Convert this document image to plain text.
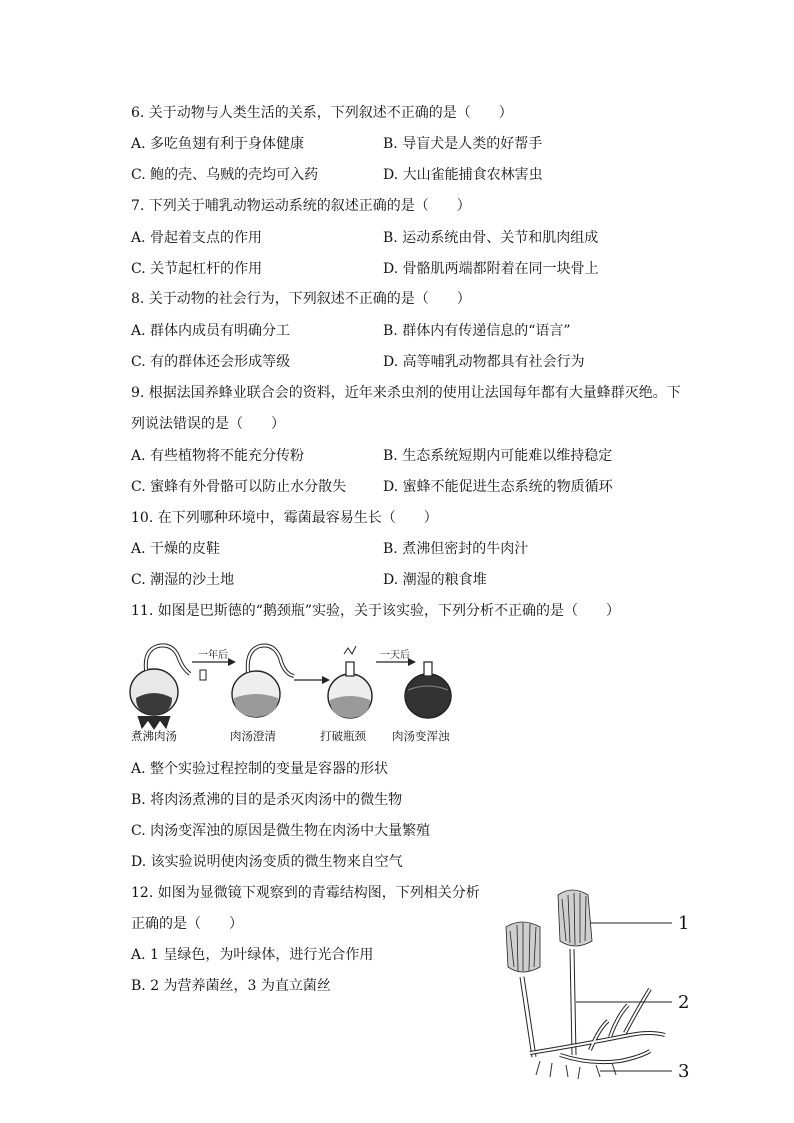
6. 关于动物与人类生活的关系，下列叙述不正确的是（　　）
A. 多吃鱼翅有利于身体健康	B. 导盲犬是人类的好帮手
C. 鲍的壳、乌贼的壳均可入药	D. 大山雀能捕食农林害虫
7. 下列关于哺乳动物运动系统的叙述正确的是（　　）
A. 骨起着支点的作用	B. 运动系统由骨、关节和肌肉组成
C. 关节起杠杆的作用	D. 骨骼肌两端都附着在同一块骨上
8. 关于动物的社会行为，下列叙述不正确的是（　　）
A. 群体内成员有明确分工	B. 群体内有传递信息的“语言”
C. 有的群体还会形成等级	D. 高等哺乳动物都具有社会行为
9. 根据法国养蜂业联合会的资料，近年来杀虫剂的使用让法国每年都有大量蜂群灭绝。下
列说法错误的是（　　）
A. 有些植物将不能充分传粉	B. 生态系统短期内可能难以维持稳定
C. 蜜蜂有外骨骼可以防止水分散失	D. 蜜蜂不能促进生态系统的物质循环
10. 在下列哪种环境中，霉菌最容易生长（　　）
A. 干燥的皮鞋	B. 煮沸但密封的牛肉汁
C. 潮湿的沙土地	D. 潮湿的粮食堆
11. 如图是巴斯德的“鹅颈瓶”实验，关于该实验，下列分析不正确的是（　　）
一年后	一天后
煮沸肉汤	肉汤澄清	打破瓶颈 肉汤变浑浊
A. 整个实验过程控制的变量是容器的形状
B. 将肉汤煮沸的目的是杀灭肉汤中的微生物
C. 肉汤变浑浊的原因是微生物在肉汤中大量繁殖
D. 该实验说明使肉汤变质的微生物来自空气
12. 如图为显微镜下观察到的青霉结构图，下列相关分析
正确的是（　　）
A. 1 呈绿色，为叶绿体，进行光合作用
B. 2 为营养菌丝，3 为直立菌丝
1
2
3
